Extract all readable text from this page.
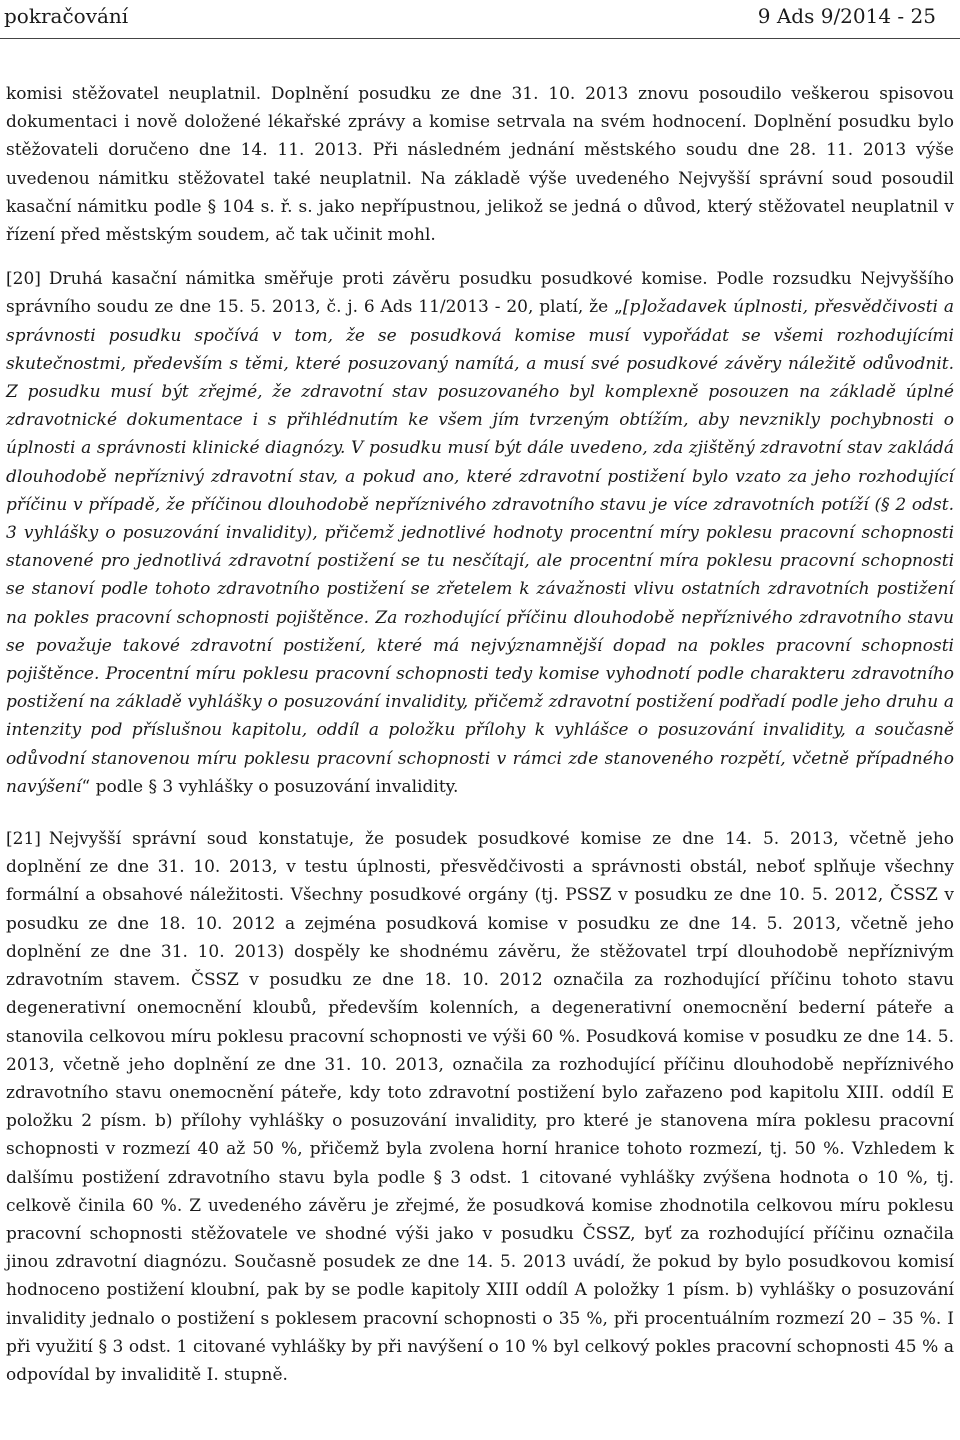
pokračování	9 Ads 9/2014 - 25

komisi stěžovatel neuplatnil. Doplnění posudku ze dne 31. 10. 2013 znovu posoudilo veškerou spisovou dokumentaci i nově doložené lékařské zprávy a komise setrvala na svém hodnocení. Doplnění posudku bylo stěžovateli doručeno dne 14. 11. 2013. Při následném jednání městského soudu dne 28. 11. 2013 výše uvedenou námitku stěžovatel také neuplatnil. Na základě výše uvedeného Nejvyšší správní soud posoudil kasační námitku podle § 104 s. ř. s. jako nepřípustnou, jelikož se jedná o důvod, který stěžovatel neuplatnil v řízení před městským soudem, ač tak učinit mohl.

[20] Druhá kasační námitka směřuje proti závěru posudku posudkové komise. Podle rozsudku Nejvyššího správního soudu ze dne 15. 5. 2013, č. j. 6 Ads 11/2013 - 20, platí, že „[p]ožadavek úplnosti, přesvědčivosti a správnosti posudku spočívá v tom, že se posudková komise musí vypořádat se všemi rozhodujícími skutečnostmi, především s těmi, které posuzovaný namítá, a musí své posudkové závěry náležitě odůvodnit. Z posudku musí být zřejmé, že zdravotní stav posuzovaného byl komplexně posouzen na základě úplné zdravotnické dokumentace i s přihlédnutím ke všem jím tvrzeným obtížím, aby nevznikly pochybnosti o úplnosti a správnosti klinické diagnózy. V posudku musí být dále uvedeno, zda zjištěný zdravotní stav zakládá dlouhodobě nepříznivý zdravotní stav, a pokud ano, které zdravotní postižení bylo vzato za jeho rozhodující příčinu v případě, že příčinou dlouhodobě nepříznivého zdravotního stavu je více zdravotních potíží (§ 2 odst. 3 vyhlášky o posuzování invalidity), přičemž jednotlivé hodnoty procentní míry poklesu pracovní schopnosti stanovené pro jednotlivá zdravotní postižení se tu nesčítají, ale procentní míra poklesu pracovní schopnosti se stanoví podle tohoto zdravotního postižení se zřetelem k závažnosti vlivu ostatních zdravotních postižení na pokles pracovní schopnosti pojištěnce. Za rozhodující příčinu dlouhodobě nepříznivého zdravotního stavu se považuje takové zdravotní postižení, které má nejvýznamnější dopad na pokles pracovní schopnosti pojištěnce. Procentní míru poklesu pracovní schopnosti tedy komise vyhodnotí podle charakteru zdravotního postižení na základě vyhlášky o posuzování invalidity, přičemž zdravotní postižení podřadí podle jeho druhu a intenzity pod příslušnou kapitolu, oddíl a položku přílohy k vyhlášce o posuzování invalidity, a současně odůvodní stanovenou míru poklesu pracovní schopnosti v rámci zde stanoveného rozpětí, včetně případného navýšení“ podle § 3 vyhlášky o posuzování invalidity.

[21] Nejvyšší správní soud konstatuje, že posudek posudkové komise ze dne 14. 5. 2013, včetně jeho doplnění ze dne 31. 10. 2013, v testu úplnosti, přesvědčivosti a správnosti obstál, neboť splňuje všechny formální a obsahové náležitosti. Všechny posudkové orgány (tj. PSSZ v posudku ze dne 10. 5. 2012, ČSSZ v posudku ze dne 18. 10. 2012 a zejména posudková komise v posudku ze dne 14. 5. 2013, včetně jeho doplnění ze dne 31. 10. 2013) dospěly ke shodnému závěru, že stěžovatel trpí dlouhodobě nepříznivým zdravotním stavem. ČSSZ v posudku ze dne 18. 10. 2012 označila za rozhodující příčinu tohoto stavu degenerativní onemocnění kloubů, především kolenních, a degenerativní onemocnění bederní páteře a stanovila celkovou míru poklesu pracovní schopnosti ve výši 60 %. Posudková komise v posudku ze dne 14. 5. 2013, včetně jeho doplnění ze dne 31. 10. 2013, označila za rozhodující příčinu dlouhodobě nepříznivého zdravotního stavu onemocnění páteře, kdy toto zdravotní postižení bylo zařazeno pod kapitolu XIII. oddíl E položku 2 písm. b) přílohy vyhlášky o posuzování invalidity, pro které je stanovena míra poklesu pracovní schopnosti v rozmezí 40 až 50 %, přičemž byla zvolena horní hranice tohoto rozmezí, tj. 50 %. Vzhledem k dalšímu postižení zdravotního stavu byla podle § 3 odst. 1 citované vyhlášky zvýšena hodnota o 10 %, tj. celkově činila 60 %. Z uvedeného závěru je zřejmé, že posudková komise zhodnotila celkovou míru poklesu pracovní schopnosti stěžovatele ve shodné výši jako v posudku ČSSZ, byť za rozhodující příčinu označila jinou zdravotní diagnózu. Současně posudek ze dne 14. 5. 2013 uvádí, že pokud by bylo posudkovou komisí hodnoceno postižení kloubní, pak by se podle kapitoly XIII oddíl A položky 1 písm. b) vyhlášky o posuzování invalidity jednalo o postižení s poklesem pracovní schopnosti o 35 %, při procentuálním rozmezí 20 – 35 %. I při využití § 3 odst. 1 citované vyhlášky by při navýšení o 10 % byl celkový pokles pracovní schopnosti 45 % a odpovídal by invaliditě I. stupně.
